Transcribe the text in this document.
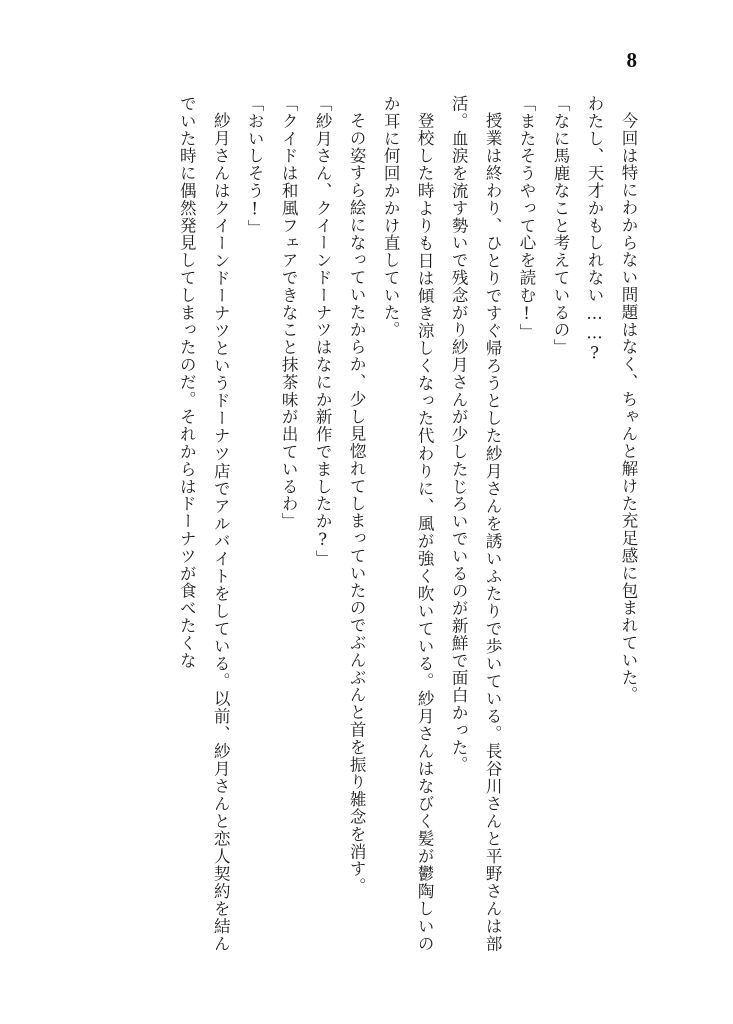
8

今回は特にわからない問題はなく、ちゃんと解けた充足感に包まれていた。

わたし、天才かもしれない……?

「なに馬鹿なこと考えているの」

「またそうやって心を読む!」

授業は終わり、ひとりですぐ帰ろうとした紗月さんを誘いふたりで歩いている。長谷川さんと平野さんは部活。血涙を流す勢いで残念がり紗月さんが少したじろいでいるのが新鮮で面白かった。

登校した時よりも日は傾き涼しくなった代わりに、風が強く吹いている。紗月さんはなびく髪が鬱陶しいのか耳に何回かかけ直していた。

その姿すら絵になっていたからか、少し見惚れてしまっていたのでぶんぶんと首を振り雑念を消す。

「紗月さん、クイーンドーナツはなにか新作でましたか?」

「クイドは和風フェアできなこと抹茶味が出ているわ」

「おいしそう!」

紗月さんはクイーンドーナツというドーナツ店でアルバイトをしている。以前、紗月さんと恋人契約を結んでいた時に偶然発見してしまったのだ。それからはドーナツが食べたくな
